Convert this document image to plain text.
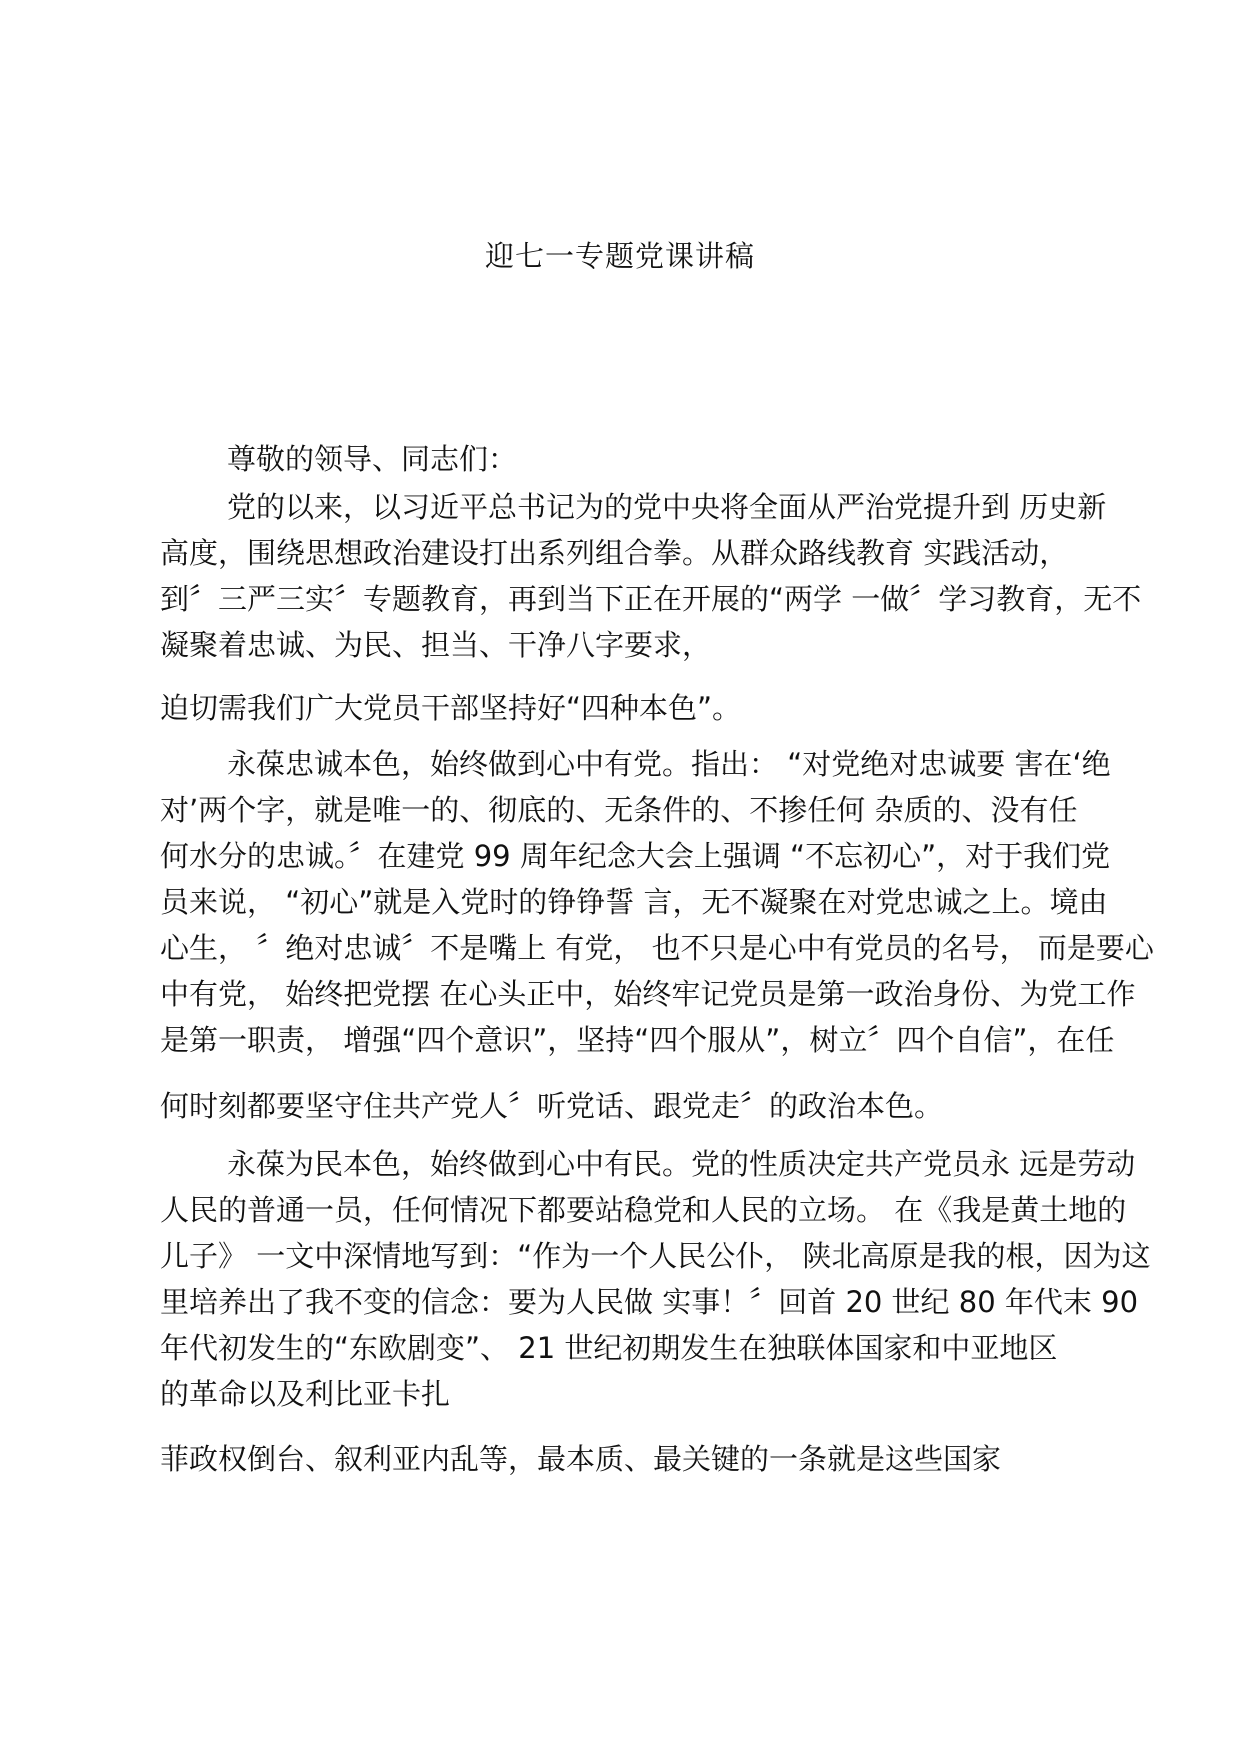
迎七一专题党课讲稿
尊敬的领导、同志们：
党的以来，以习近平总书记为的党中央将全面从严治党提升到 历史新
高度，围绕思想政治建设打出系列组合拳。从群众路线教育 实践活动，
到〞三严三实〞专题教育，再到当下正在开展的“两学 一做〞学习教育，无不
凝聚着忠诚、为民、担当、干净八字要求，
迫切需我们广大党员干部坚持好“四种本色”。
永葆忠诚本色，始终做到心中有党。指出： “对党绝对忠诚要 害在‘绝
对’两个字，就是唯一的、彻底的、无条件的、不掺任何 杂质的、没有任
何水分的忠诚。〞在建党 99 周年纪念大会上强调 “不忘初心”，对于我们党
员来说， “初心”就是入党时的铮铮誓 言，无不凝聚在对党忠诚之上。境由
心生， 〞绝对忠诚〞不是嘴上 有党， 也不只是心中有党员的名号， 而是要心
中有党， 始终把党摆 在心头正中，始终牢记党员是第一政治身份、为党工作
是第一职责， 增强“四个意识”，坚持“四个服从”，树立〞四个自信”，在任
何时刻都要坚守住共产党人〞听党话、跟党走〞的政治本色。
永葆为民本色，始终做到心中有民。党的性质决定共产党员永 远是劳动
人民的普通一员，任何情况下都要站稳党和人民的立场。 在《我是黄土地的
儿子》 一文中深情地写到：“作为一个人民公仆， 陕北高原是我的根，因为这
里培养出了我不变的信念：要为人民做 实事！〞回首 20 世纪 80 年代末 90
年代初发生的“东欧剧变”、 21 世纪初期发生在独联体国家和中亚地区
的革命以及利比亚卡扎
菲政权倒台、叙利亚内乱等，最本质、最关键的一条就是这些国家
